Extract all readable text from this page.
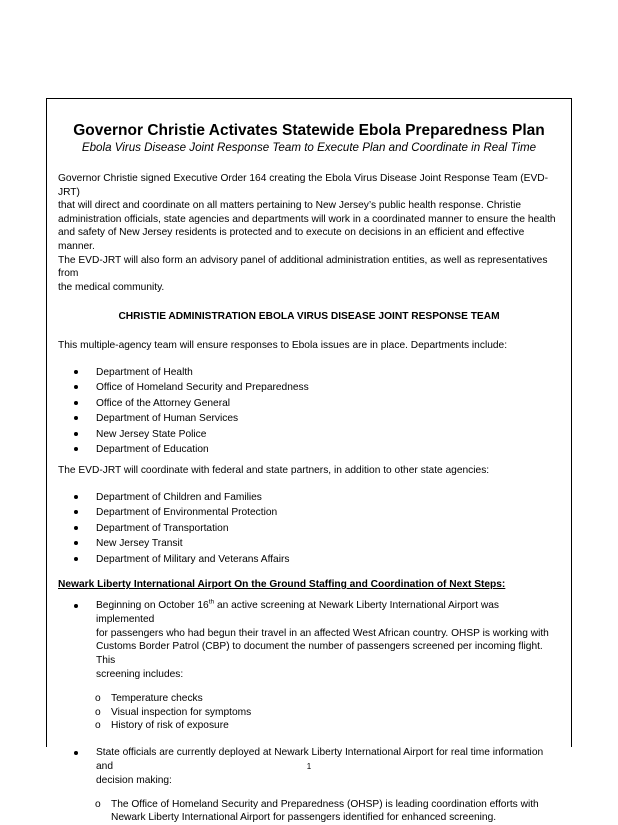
Governor Christie Activates Statewide Ebola Preparedness Plan
Ebola Virus Disease Joint Response Team to Execute Plan and Coordinate in Real Time

Governor Christie signed Executive Order 164 creating the Ebola Virus Disease Joint Response Team (EVD-JRT)
that will direct and coordinate on all matters pertaining to New Jersey’s public health response. Christie
administration officials, state agencies and departments will work in a coordinated manner to ensure the health
and safety of New Jersey residents is protected and to execute on decisions in an efficient and effective manner.
The EVD-JRT will also form an advisory panel of additional administration entities, as well as representatives from
the medical community.

CHRISTIE ADMINISTRATION EBOLA VIRUS DISEASE JOINT RESPONSE TEAM

This multiple-agency team will ensure responses to Ebola issues are in place. Departments include:

Department of Health
Office of Homeland Security and Preparedness
Office of the Attorney General
Department of Human Services
New Jersey State Police
Department of Education

The EVD-JRT will coordinate with federal and state partners, in addition to other state agencies:

Department of Children and Families
Department of Environmental Protection
Department of Transportation
New Jersey Transit
Department of Military and Veterans Affairs
Newark Liberty International Airport On the Ground Staffing and Coordination of Next Steps:
Beginning on October 16th an active screening at Newark Liberty International Airport was implemented
for passengers who had begun their travel in an affected West African country. OHSP is working with
Customs Border Patrol (CBP) to document the number of passengers screened per incoming flight. This
screening includes:
o Temperature checks
o Visual inspection for symptoms
o History of risk of exposure
State officials are currently deployed at Newark Liberty International Airport for real time information and
decision making:
o The Office of Homeland Security and Preparedness (OHSP) is leading coordination efforts with
Newark Liberty International Airport for passengers identified for enhanced screening.
1
